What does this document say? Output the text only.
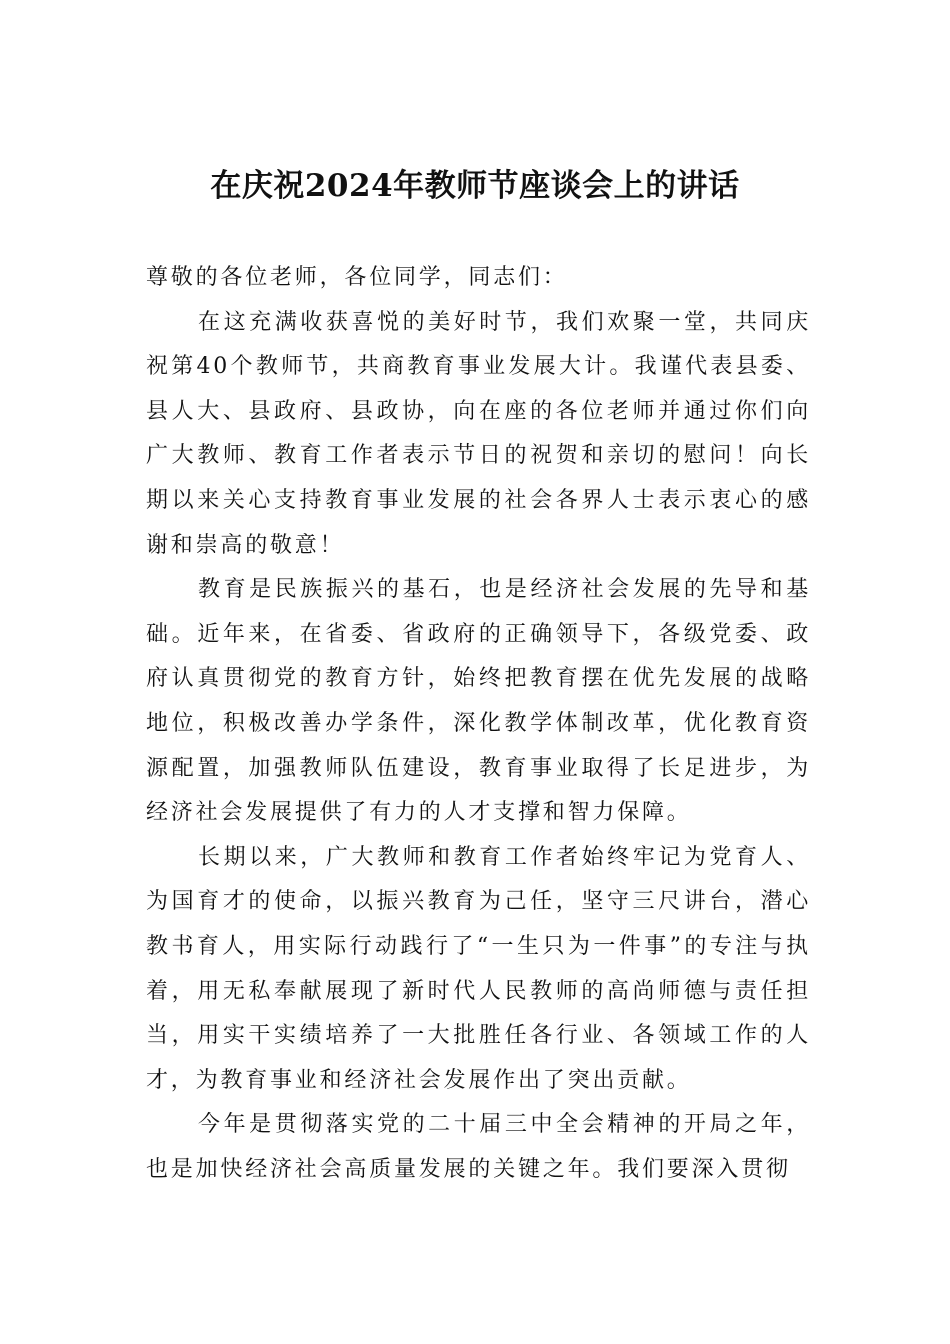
在庆祝2024年教师节座谈会上的讲话

尊敬的各位老师，各位同学，同志们：

在这充满收获喜悦的美好时节，我们欢聚一堂，共同庆祝第40个教师节，共商教育事业发展大计。我谨代表县委、县人大、县政府、县政协，向在座的各位老师并通过你们向广大教师、教育工作者表示节日的祝贺和亲切的慰问！向长期以来关心支持教育事业发展的社会各界人士表示衷心的感谢和崇高的敬意！

教育是民族振兴的基石，也是经济社会发展的先导和基础。近年来，在省委、省政府的正确领导下，各级党委、政府认真贯彻党的教育方针，始终把教育摆在优先发展的战略地位，积极改善办学条件，深化教学体制改革，优化教育资源配置，加强教师队伍建设，教育事业取得了长足进步，为经济社会发展提供了有力的人才支撑和智力保障。

长期以来，广大教师和教育工作者始终牢记为党育人、为国育才的使命，以振兴教育为己任，坚守三尺讲台，潜心教书育人，用实际行动践行了“一生只为一件事”的专注与执着，用无私奉献展现了新时代人民教师的高尚师德与责任担当，用实干实绩培养了一大批胜任各行业、各领域工作的人才，为教育事业和经济社会发展作出了突出贡献。

今年是贯彻落实党的二十届三中全会精神的开局之年，也是加快经济社会高质量发展的关键之年。我们要深入贯彻
